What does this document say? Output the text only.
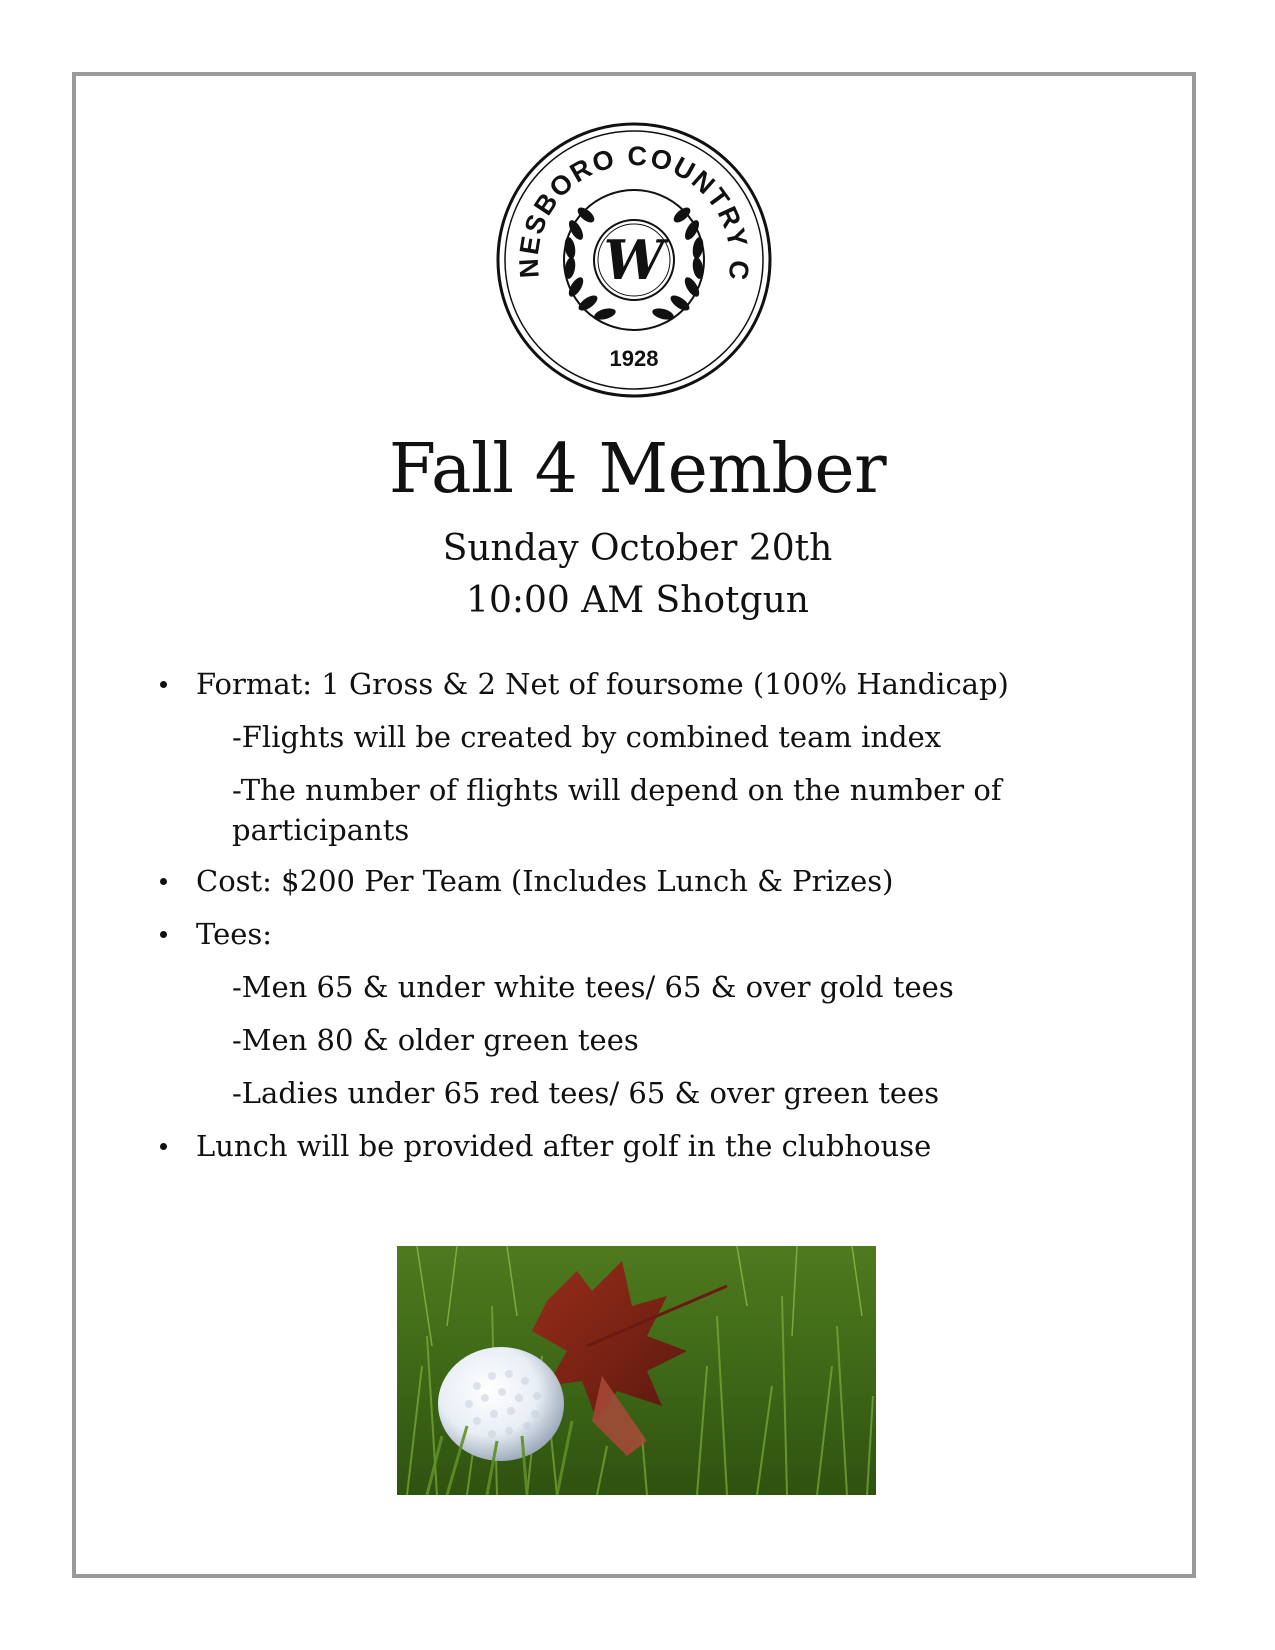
NESBORO COUNTRY C
W
1928
Fall 4 Member
Sunday October 20th
10:00 AM Shotgun
Format: 1 Gross & 2 Net of foursome (100% Handicap)
-Flights will be created by combined team index
-The number of flights will depend on the number of
participants
Cost: $200 Per Team (Includes Lunch & Prizes)
Tees:
-Men 65 & under white tees/ 65 & over gold tees
-Men 80 & older green tees
-Ladies under 65 red tees/ 65 & over green tees
Lunch will be provided after golf in the clubhouse
